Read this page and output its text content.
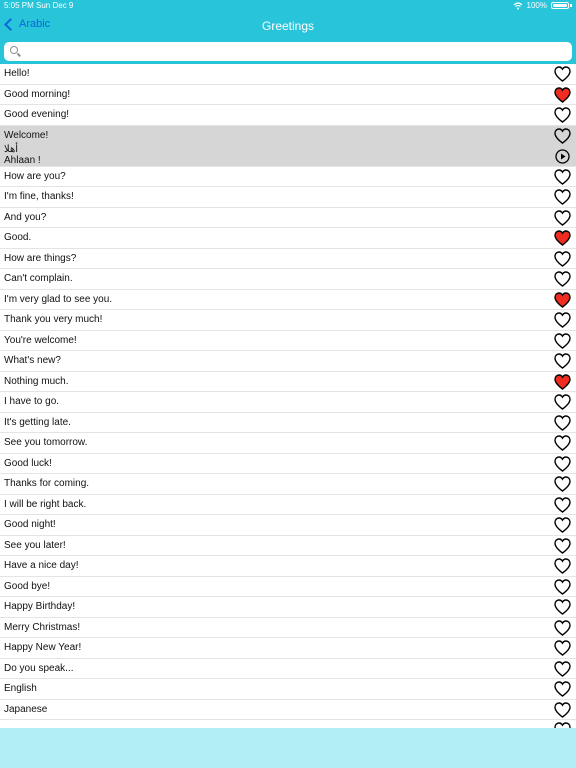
5:05 PM Sun Dec 9	100%
Arabic	Greetings
Hello!
Good morning!
Good evening!
Welcome!
أهلا
Ahlaan !
How are you?
I'm fine, thanks!
And you?
Good.
How are things?
Can't complain.
I'm very glad to see you.
Thank you very much!
You're welcome!
What's new?
Nothing much.
I have to go.
It's getting late.
See you tomorrow.
Good luck!
Thanks for coming.
I will be right back.
Good night!
See you later!
Have a nice day!
Good bye!
Happy Birthday!
Merry Christmas!
Happy New Year!
Do you speak...
English
Japanese
